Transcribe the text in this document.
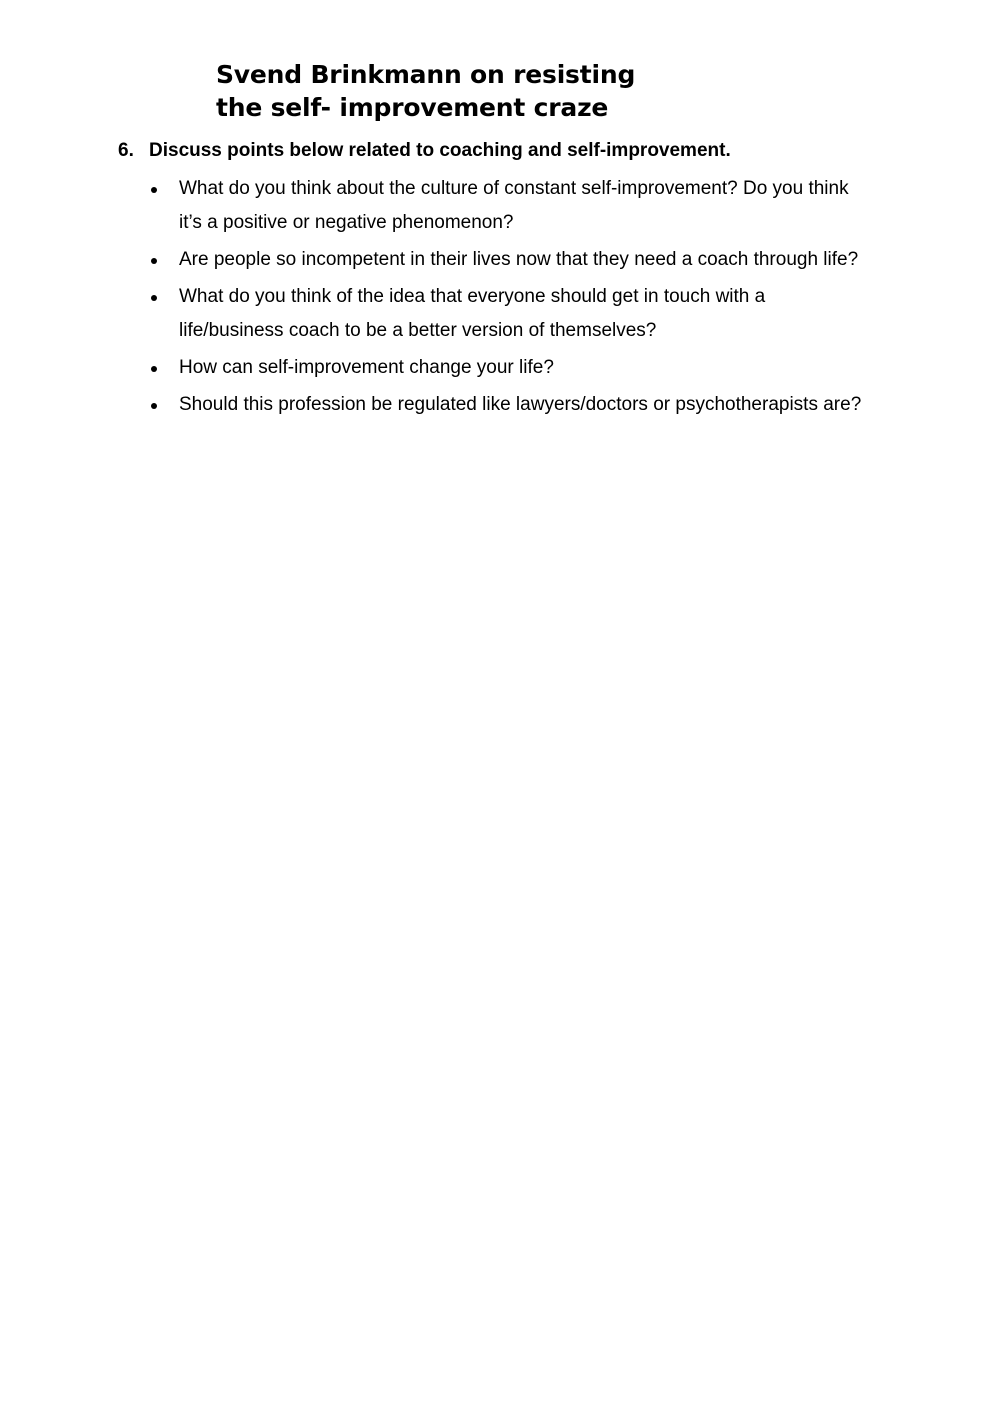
Svend Brinkmann on resisting
the self- improvement craze
6. Discuss points below related to coaching and self-improvement.
What do you think about the culture of constant self-improvement? Do you think it’s a positive or negative phenomenon?
Are people so incompetent in their lives now that they need a coach through life?
What do you think of the idea that everyone should get in touch with a life/business coach to be a better version of themselves?
How can self-improvement change your life?
Should this profession be regulated like lawyers/doctors or psychotherapists are?
